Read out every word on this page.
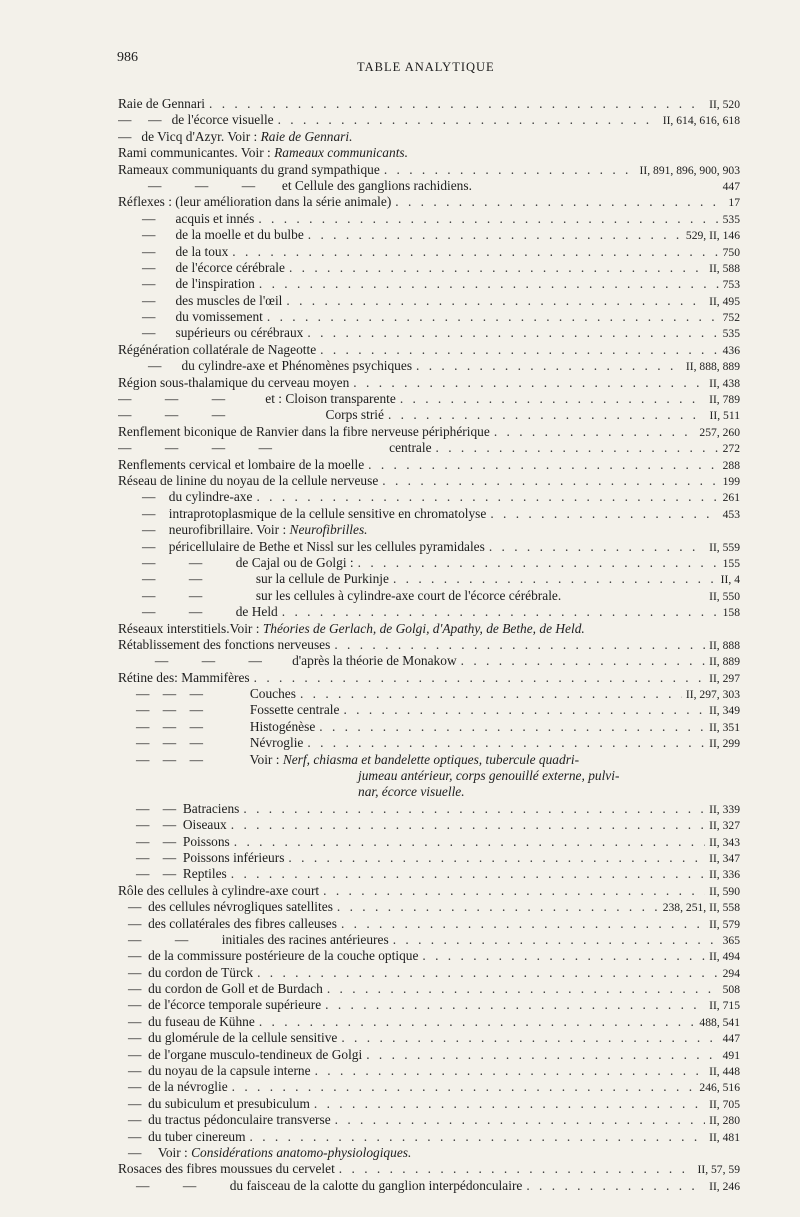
986
TABLE ANALYTIQUE
Raie de Gennari . . .	II, 520
—     —   de l'écorce visuelle . . .	II, 614, 616, 618
—   de Vicq d'Azyr. Voir : Raie de Gennari.
Rami communicantes. Voir : Rameaux communicants.
Rameaux communiquants du grand sympathique . . .	II, 891, 896, 900, 903
—          —          —        et Cellule des ganglions rachidiens.	447
Réflexes : (leur amélioration dans la série animale) . . .	17
—      acquis et innés . . .	535
—      de la moelle et du bulbe . . .	529, II, 146
—      de la toux . . .	750
—      de l'écorce cérébrale . . .	II, 588
—      de l'inspiration . . .	753
—      des muscles de l'œil . . .	II, 495
—      du vomissement . . .	752
—      supérieurs ou cérébraux . . .	535
Régénération collatérale de Nageotte . . .	436
—      du cylindre-axe et Phénomènes psychiques . . .	II, 888, 889
Région sous-thalamique du cerveau moyen . . .	II, 438
—          —          —            et : Cloison transparente . . .	II, 789
—          —          —                              Corps strié . . .	II, 511
Renflement biconique de Ranvier dans la fibre nerveuse périphérique . . .	257, 260
—          —          —          —                                   centrale . . .	272
Renflements cervical et lombaire de la moelle . . .	288
Réseau de linine du noyau de la cellule nerveuse . . .	199
—    du cylindre-axe . . .	261
—    intraprotoplasmique de la cellule sensitive en chromatolyse . . .	453
—    neurofibrillaire. Voir : Neurofibrilles.
—    péricellulaire de Bethe et Nissl sur les cellules pyramidales . . .	II, 559
—          —          de Cajal ou de Golgi : . . .	155
—          —                sur la cellule de Purkinje . . .	II, 4
—          —                sur les cellules à cylindre-axe court de l'écorce cérébrale.	II, 550
—          —          de Held . . .	158
Réseaux interstitiels.Voir : Théories de Gerlach, de Golgi, d'Apathy, de Bethe, de Held.
Rétablissement des fonctions nerveuses . . .	II, 888
—          —          —         d'après la théorie de Monakow . . .	II, 889
Rétine des: Mammifères . . .	II, 297
—    —    —              Couches . . .	II, 297, 303
—    —    —              Fossette centrale . . .	II, 349
—    —    —              Histogénèse . . .	II, 351
—    —    —              Névroglie . . .	II, 299
—    —    —              Voir : Nerf, chiasma et bandelette optiques, tubercule quadri-
jumeau antérieur, corps genouillé externe, pulvi-
nar, écorce visuelle.
—    —  Batraciens . . .	II, 339
—    —  Oiseaux . . .	II, 327
—    —  Poissons . . .	II, 343
—    —  Poissons inférieurs . . .	II, 347
—    —  Reptiles . . .	II, 336
Rôle des cellules à cylindre-axe court . . .	II, 590
—  des cellules névrogliques satellites . . .	238, 251, II, 558
—  des collatérales des fibres calleuses . . .	II, 579
—          —          initiales des racines antérieures . . .	365
—  de la commissure postérieure de la couche optique . . .	II, 494
—  du cordon de Türck . . .	294
—  du cordon de Goll et de Burdach . . .	508
—  de l'écorce temporale supérieure . . .	II, 715
—  du fuseau de Kühne . . .	488, 541
—  du glomérule de la cellule sensitive . . .	447
—  de l'organe musculo-tendineux de Golgi . . .	491
—  du noyau de la capsule interne . . .	II, 448
—  de la névroglie . . .	246, 516
—  du subiculum et presubiculum . . .	II, 705
—  du tractus pédonculaire transverse . . .	II, 280
—  du tuber cinereum . . .	II, 481
—     Voir : Considérations anatomo-physiologiques.
Rosaces des fibres moussues du cervelet . . .	II, 57, 59
—          —          du faisceau de la calotte du ganglion interpédonculaire . . .	II, 246
